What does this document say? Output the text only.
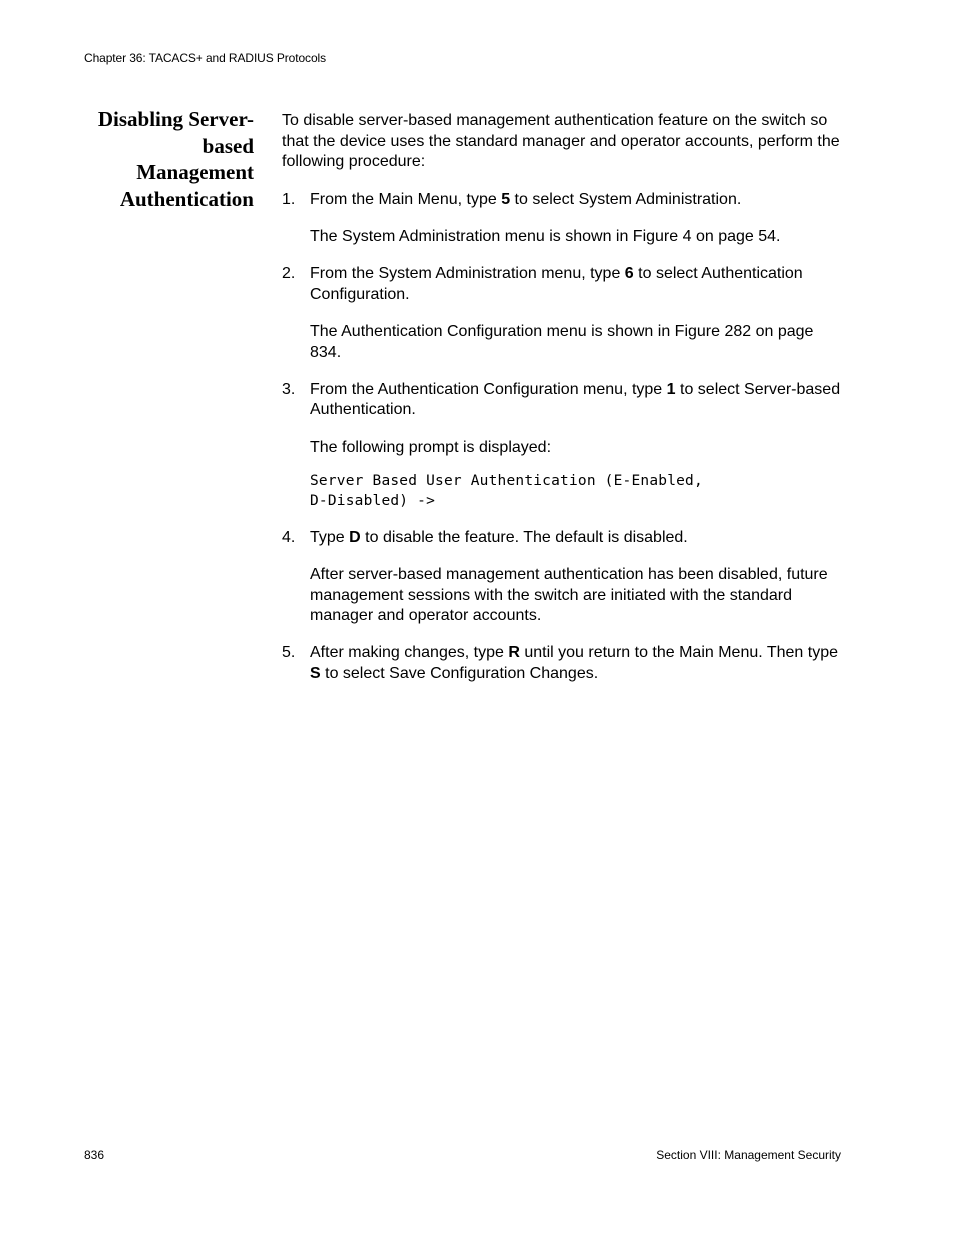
Chapter 36: TACACS+ and RADIUS Protocols
Disabling Server-
based
Management
Authentication

To disable server-based management authentication feature on the switch so that the device uses the standard manager and operator accounts, perform the following procedure:

1. From the Main Menu, type 5 to select System Administration.

The System Administration menu is shown in Figure 4 on page 54.

2. From the System Administration menu, type 6 to select Authentication Configuration.

The Authentication Configuration menu is shown in Figure 282 on page 834.

3. From the Authentication Configuration menu, type 1 to select Server-based Authentication.

The following prompt is displayed:

Server Based User Authentication (E-Enabled,
D-Disabled) ->
4. Type D to disable the feature. The default is disabled.

After server-based management authentication has been disabled, future management sessions with the switch are initiated with the standard manager and operator accounts.

5. After making changes, type R until you return to the Main Menu. Then type S to select Save Configuration Changes.

836	Section VIII: Management Security
